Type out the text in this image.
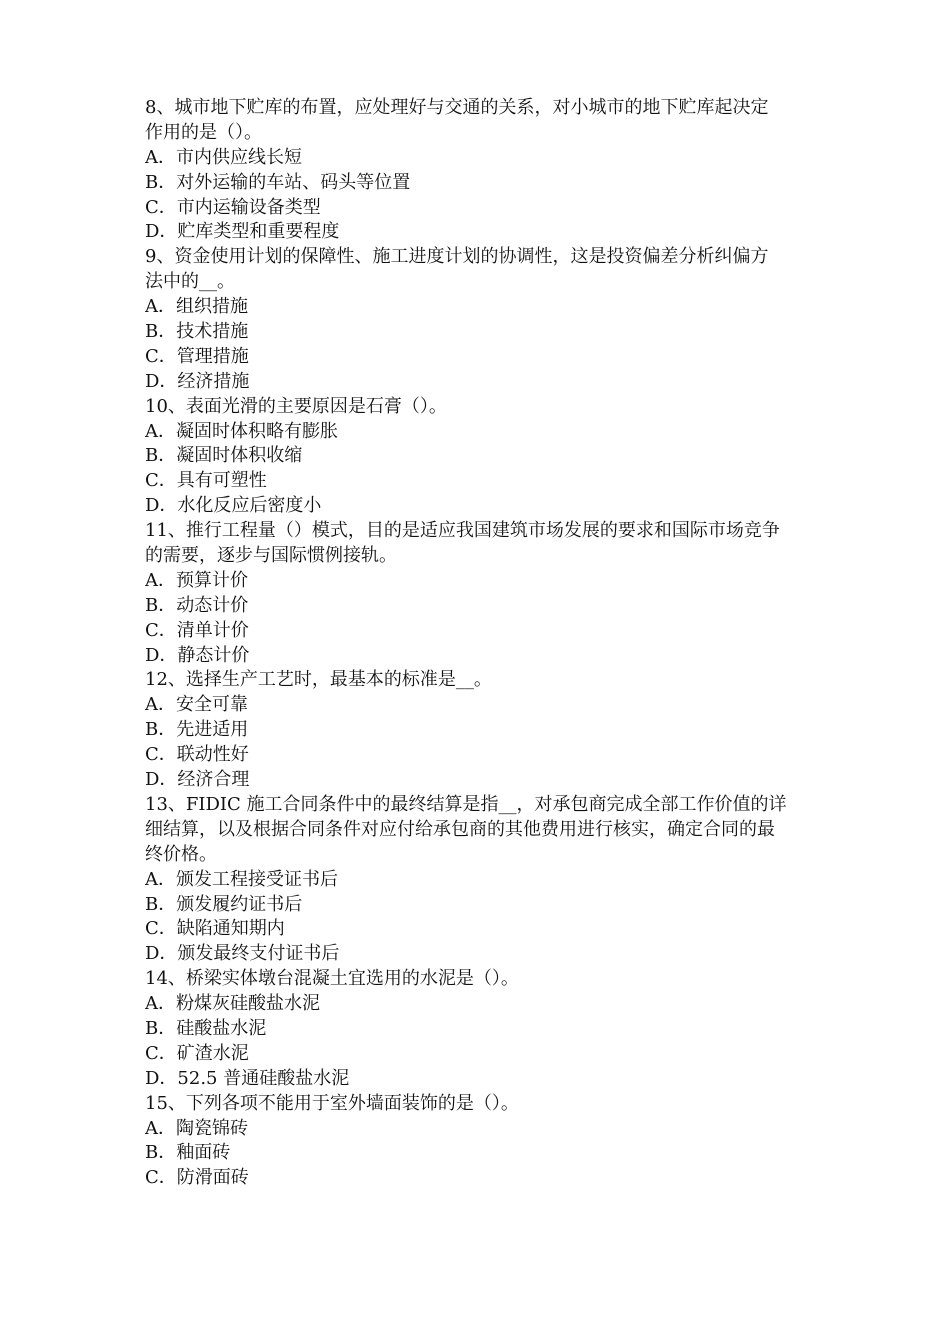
8、城市地下贮库的布置，应处理好与交通的关系，对小城市的地下贮库起决定
作用的是（）。
A．市内供应线长短
B．对外运输的车站、码头等位置
C．市内运输设备类型
D．贮库类型和重要程度
9、资金使用计划的保障性、施工进度计划的协调性，这是投资偏差分析纠偏方
法中的__。
A．组织措施
B．技术措施
C．管理措施
D．经济措施
10、表面光滑的主要原因是石膏（）。
A．凝固时体积略有膨胀
B．凝固时体积收缩
C．具有可塑性
D．水化反应后密度小
11、推行工程量（）模式，目的是适应我国建筑市场发展的要求和国际市场竞争
的需要，逐步与国际惯例接轨。
A．预算计价
B．动态计价
C．清单计价
D．静态计价
12、选择生产工艺时，最基本的标准是__。
A．安全可靠
B．先进适用
C．联动性好
D．经济合理
13、FIDIC 施工合同条件中的最终结算是指__，对承包商完成全部工作价值的详
细结算，以及根据合同条件对应付给承包商的其他费用进行核实，确定合同的最
终价格。
A．颁发工程接受证书后
B．颁发履约证书后
C．缺陷通知期内
D．颁发最终支付证书后
14、桥梁实体墩台混凝土宜选用的水泥是（）。
A．粉煤灰硅酸盐水泥
B．硅酸盐水泥
C．矿渣水泥
D．52.5 普通硅酸盐水泥
15、下列各项不能用于室外墙面装饰的是（）。
A．陶瓷锦砖
B．釉面砖
C．防滑面砖
